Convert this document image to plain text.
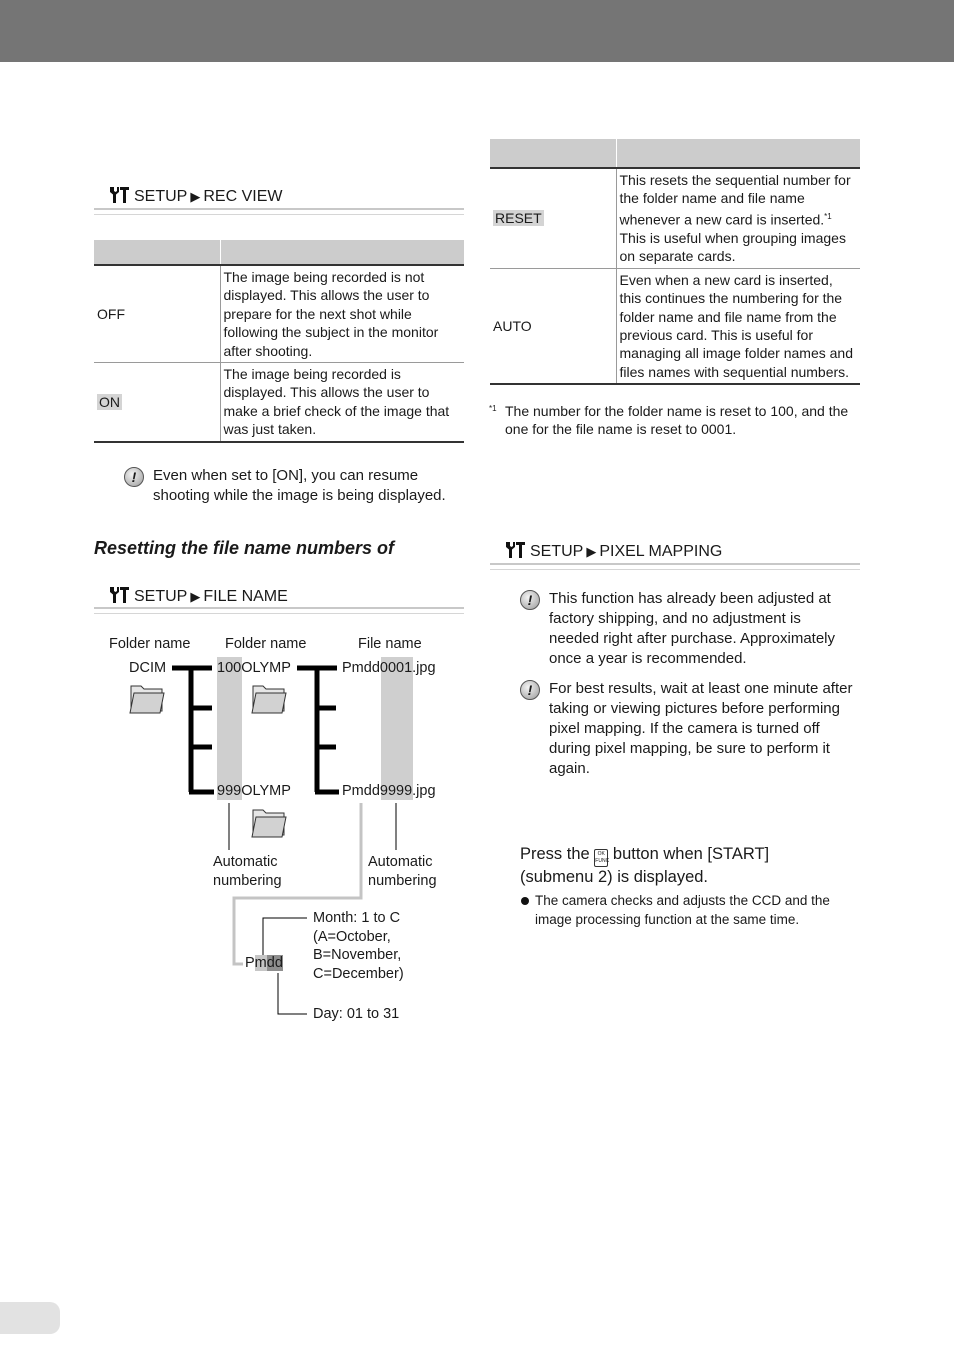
SETUP ▶ REC VIEW

OFF	The image being recorded is not displayed. This allows the user to prepare for the next shot while following the subject in the monitor after shooting.
ON	The image being recorded is displayed. This allows the user to make a brief check of the image that was just taken.
!	Even when set to [ON], you can resume shooting while the image is being displayed.
Resetting the file name numbers of
SETUP ▶ FILE NAME
Folder name Folder name	File name
DCIM	100OLYMP
999OLYMP
Pmdd0001.jpg
Pmdd9999.jpg
Automatic
numbering
Automatic
numbering
Pmdd
Month: 1 to C
(A=October,
B=November,
C=December)
Day: 01 to 31

RESET	This resets the sequential number for the folder name and file name whenever a new card is inserted.$^{*1}$
This is useful when grouping images on separate cards.
AUTO	Even when a new card is inserted, this continues the numbering for the folder name and file name from the previous card. This is useful for managing all image folder names and files names with sequential numbers.
*1 The number for the folder name is reset to 100, and the one for the file name is reset to 0001.
SETUP ▶ PIXEL MAPPING
!	This function has already been adjusted at factory shipping, and no adjustment is needed right after purchase. Approximately once a year is recommended.
!	For best results, wait at least one minute after taking or viewing pictures before performing pixel mapping. If the camera is turned off during pixel mapping, be sure to perform it again.
Press the OK
FUNC button when [START] (submenu 2) is displayed.
The camera checks and adjusts the CCD and the image processing function at the same time.
